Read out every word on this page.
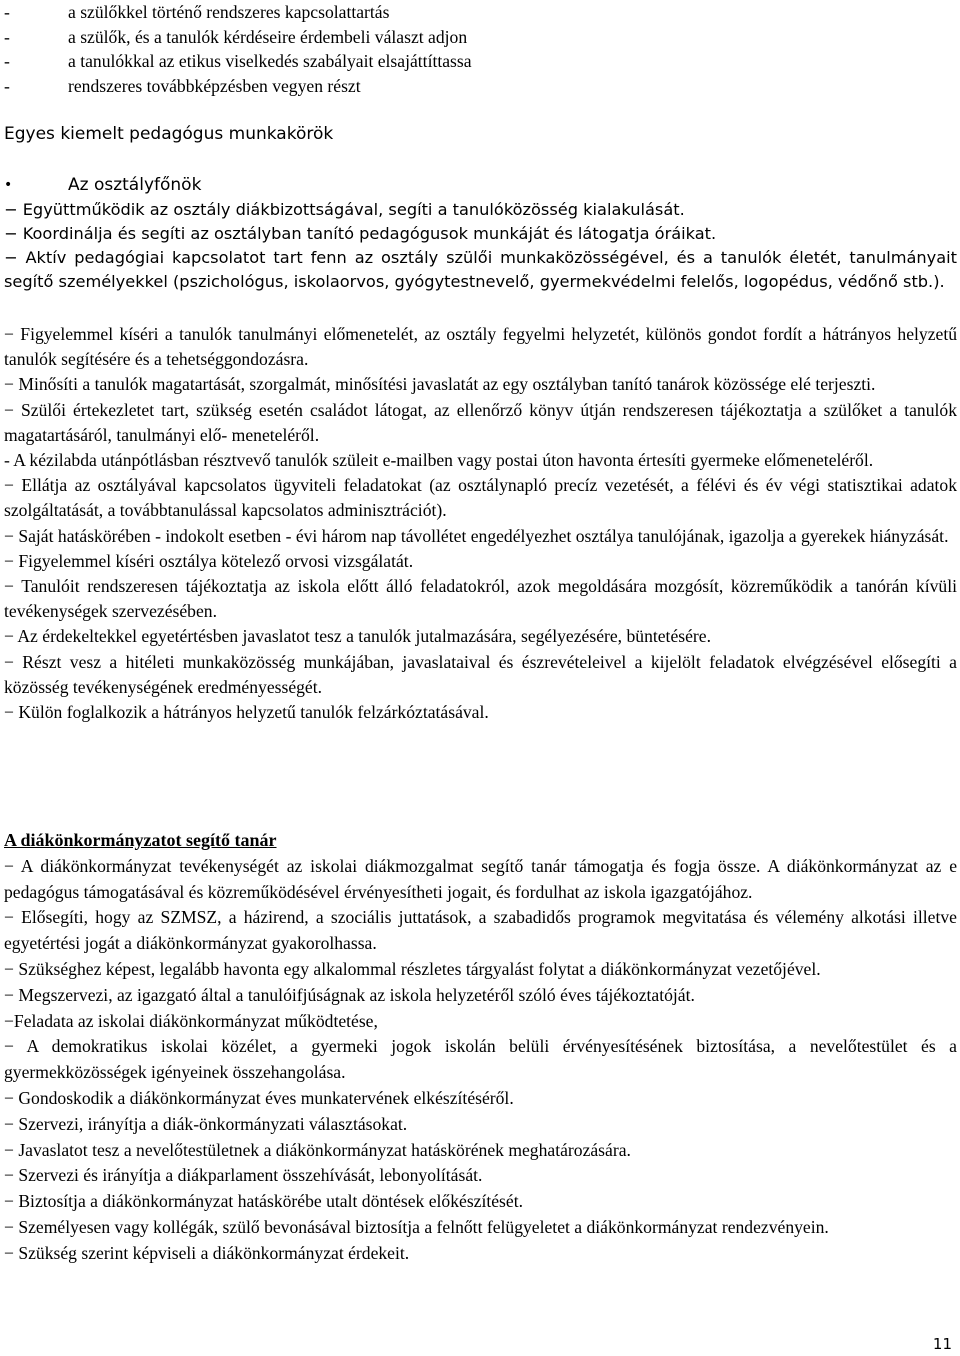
-	a szülőkkel történő rendszeres kapcsolattartás
-	a szülők, és a tanulók kérdéseire érdembeli választ adjon
-	a tanulókkal az etikus viselkedés szabályait elsajáttíttassa
-	rendszeres továbbképzésben vegyen részt
Egyes kiemelt pedagógus munkakörök
•	Az osztályfőnök

− Együttműködik az osztály diákbizottságával, segíti a tanulóközösség kialakulását.

− Koordinálja és segíti az osztályban tanító pedagógusok munkáját és látogatja óráikat.

− Aktív pedagógiai kapcsolatot tart fenn az osztály szülői munkaközösségével, és a tanulók életét, tanulmányait segítő személyekkel (pszichológus, iskolaorvos, gyógytestnevelő, gyermekvédelmi felelős, logopédus, védőnő stb.).

− Figyelemmel kíséri a tanulók tanulmányi előmenetelét, az osztály fegyelmi helyzetét, különös gondot fordít a hátrányos helyzetű tanulók segítésére és a tehetséggondozásra.

− Minősíti a tanulók magatartását, szorgalmát, minősítési javaslatát az egy osztályban tanító tanárok közössége elé terjeszti.

− Szülői értekezletet tart, szükség esetén családot látogat, az ellenőrző könyv útján rendszeresen tájékoztatja a szülőket a tanulók magatartásáról, tanulmányi elő- meneteléről.

- A kézilabda utánpótlásban résztvevő tanulók szüleit e-mailben vagy postai úton havonta értesíti gyermeke előmeneteléről.

− Ellátja az osztályával kapcsolatos ügyviteli feladatokat (az osztálynapló precíz vezetését, a félévi és év végi statisztikai adatok szolgáltatását, a továbbtanulással kapcsolatos adminisztrációt).

− Saját hatáskörében - indokolt esetben - évi három nap távollétet engedélyezhet osztálya tanulójának, igazolja a gyerekek hiányzását.

− Figyelemmel kíséri osztálya kötelező orvosi vizsgálatát.

− Tanulóit rendszeresen tájékoztatja az iskola előtt álló feladatokról, azok megoldására mozgósít, közreműködik a tanórán kívüli tevékenységek szervezésében.

− Az érdekeltekkel egyetértésben javaslatot tesz a tanulók jutalmazására, segélyezésére, büntetésére.

− Részt vesz a hitéleti munkaközösség munkájában, javaslataival és észrevételeivel a kijelölt feladatok elvégzésével elősegíti a közösség tevékenységének eredményességét.

− Külön foglalkozik a hátrányos helyzetű tanulók felzárkóztatásával.

A diákönkormányzatot segítő tanár

− A diákönkormányzat tevékenységét az iskolai diákmozgalmat segítő tanár támogatja és fogja össze. A diákönkormányzat az e pedagógus támogatásával és közreműködésével érvényesítheti jogait, és fordulhat az iskola igazgatójához.

− Elősegíti, hogy az SZMSZ, a házirend, a szociális juttatások, a szabadidős programok megvitatása és vélemény alkotási illetve egyetértési jogát a diákönkormányzat gyakorolhassa.

− Szükséghez képest, legalább havonta egy alkalommal részletes tárgyalást folytat a diákönkormányzat vezetőjével.

− Megszervezi, az igazgató által a tanulóifjúságnak az iskola helyzetéről szóló éves tájékoztatóját.

−Feladata az iskolai diákönkormányzat működtetése,

− A demokratikus iskolai közélet, a gyermeki jogok iskolán belüli érvényesítésének biztosítása, a nevelőtestület és a gyermekközösségek igényeinek összehangolása.

− Gondoskodik a diákönkormányzat éves munkatervének elkészítéséről.

− Szervezi, irányítja a diák-önkormányzati választásokat.

− Javaslatot tesz a nevelőtestületnek a diákönkormányzat hatáskörének meghatározására.

− Szervezi és irányítja a diákparlament összehívását, lebonyolítását.

− Biztosítja a diákönkormányzat hatáskörébe utalt döntések előkészítését.

− Személyesen vagy kollégák, szülő bevonásával biztosítja a felnőtt felügyeletet a diákönkormányzat rendezvényein.

− Szükség szerint képviseli a diákönkormányzat érdekeit.

11
